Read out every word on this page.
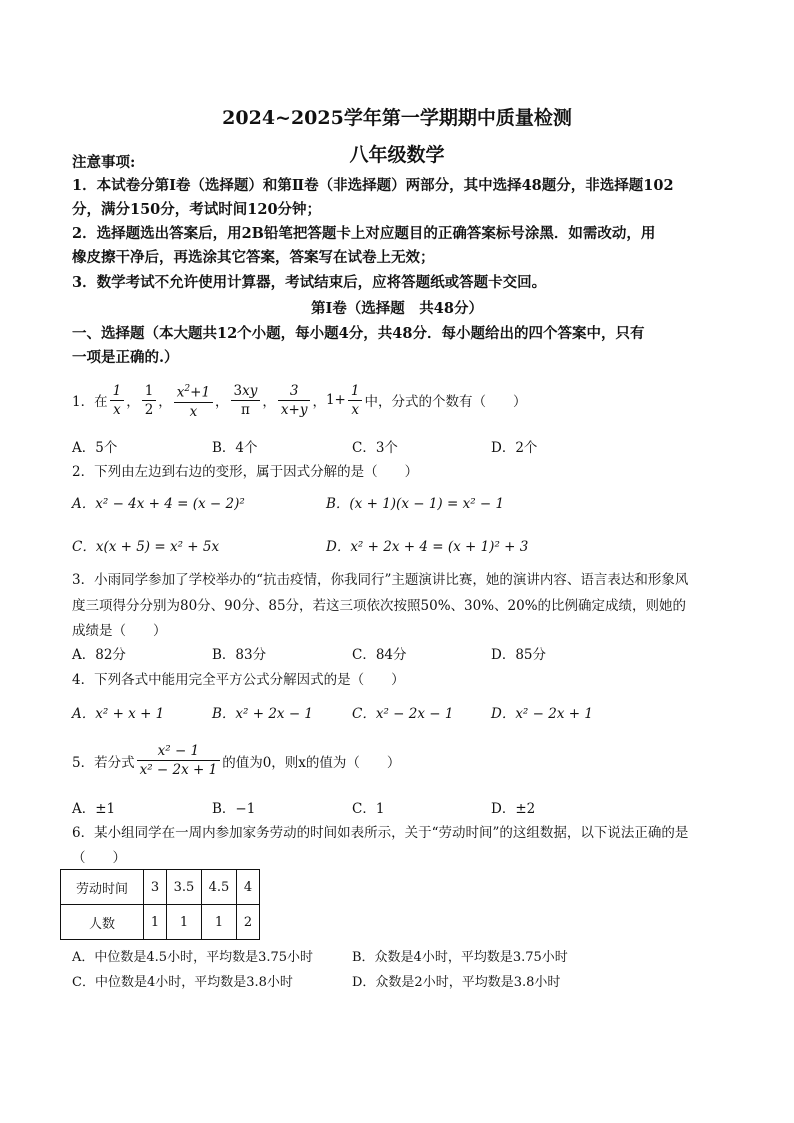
2024~2025学年第一学期期中质量检测
八年级数学
注意事项:
1．本试卷分第Ⅰ卷（选择题）和第Ⅱ卷（非选择题）两部分，其中选择48题分，非选择题102
分，满分150分，考试时间120分钟；
2．选择题选出答案后，用2B铅笔把答题卡上对应题目的正确答案标号涂黑．如需改动，用
橡皮擦干净后，再选涂其它答案，答案写在试卷上无效；
3．数学考试不允许使用计算器，考试结束后，应将答题纸或答题卡交回。
第Ⅰ卷（选择题　共48分）
一、选择题（本大题共12个小题，每小题4分，共48分．每小题给出的四个答案中，只有
一项是正确的.）
1．在 $\frac{1}{x}$ ， $\frac{1}{2}$ ， $\frac{x^2+1}{x}$ ， $\frac{3xy}{\pi}$ ， $\frac{3}{x+y}$ ， $1+ \frac{1}{x}$ 中，分式的个数有（　　）
A．5个	B．4个	C．3个	D．2个
2．下列由左边到右边的变形，属于因式分解的是（　　）
A．x² − 4x + 4 = (x − 2)²	B．(x + 1)(x − 1) = x² − 1
C．x(x + 5) = x² + 5x	D．x² + 2x + 4 = (x + 1)² + 3
3．小雨同学参加了学校举办的“抗击疫情，你我同行”主题演讲比赛，她的演讲内容、语言表达和形象风
度三项得分分别为80分、90分、85分，若这三项依次按照50%、30%、20%的比例确定成绩，则她的
成绩是（　　）
A．82分	B．83分	C．84分	D．85分
4．下列各式中能用完全平方公式分解因式的是（　　）
A．x² + x + 1	B．x² + 2x − 1	C．x² − 2x − 1	D．x² − 2x + 1
5．若分式 $\frac{\text{x² − 1}}{\text{x² − 2x + 1}}$ 的值为0，则x的值为（　　）
A．±1	B．−1	C．1	D．±2
6．某小组同学在一周内参加家务劳动的时间如表所示，关于“劳动时间”的这组数据，以下说法正确的是
（　　）
劳动时间	3	3.5	4.5	4
人数	1	1	1	2
A．中位数是4.5小时，平均数是3.75小时	B．众数是4小时，平均数是3.75小时
C．中位数是4小时，平均数是3.8小时	D．众数是2小时，平均数是3.8小时
